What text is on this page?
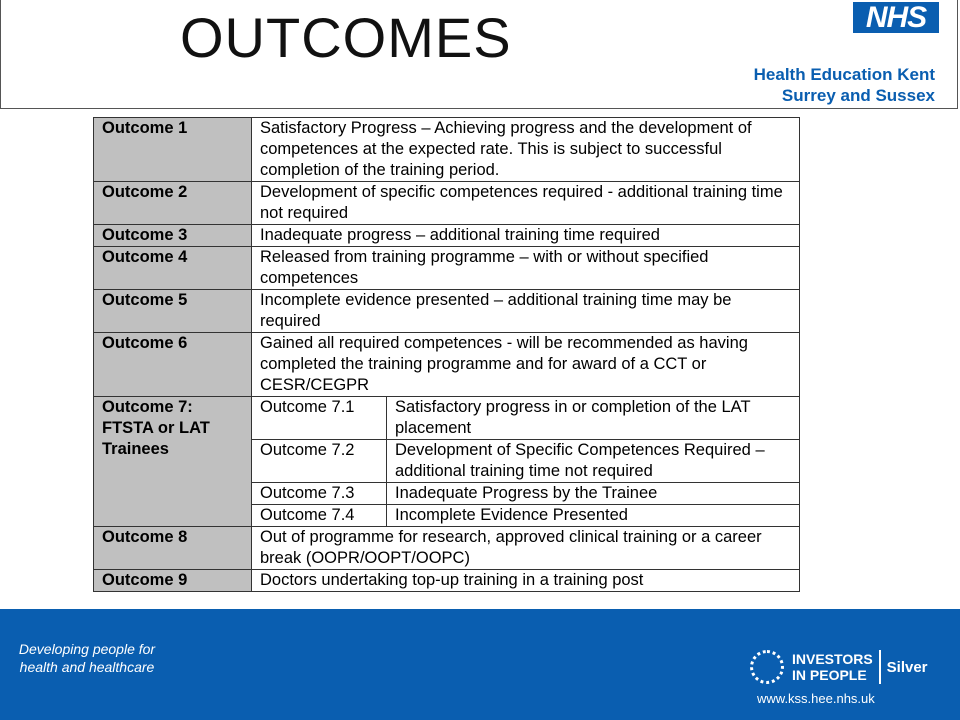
OUTCOMES	NHS
Health Education Kent
Surrey and Sussex
Outcome 1	Satisfactory Progress – Achieving progress and the development of competences at the expected rate. This is subject to successful completion of the training period.	
Outcome 2	Development of specific competences required - additional training time not required	
Outcome 3	Inadequate progress – additional training time required	
Outcome 4	Released from training programme – with or without specified competences	
Outcome 5	Incomplete evidence presented – additional training time may be required	
Outcome 6	Gained all required competences - will be recommended as having completed the training programme and for award of a CCT or CESR/CEGPR	
Outcome 7: FTSTA or LAT Trainees	Outcome 7.1	Satisfactory progress in or completion of the LAT placement
	Outcome 7.2	Development of Specific Competences Required – additional training time not required
	Outcome 7.3	Inadequate Progress by the Trainee
	Outcome 7.4	Incomplete Evidence Presented
Outcome 8	Out of programme for research, approved clinical training or a career break (OOPR/OOPT/OOPC)	
Outcome 9	Doctors undertaking top-up training in a training post	
Developing people for health and healthcare	INVESTORS
IN PEOPLE	Silver
www.kss.hee.nhs.uk
